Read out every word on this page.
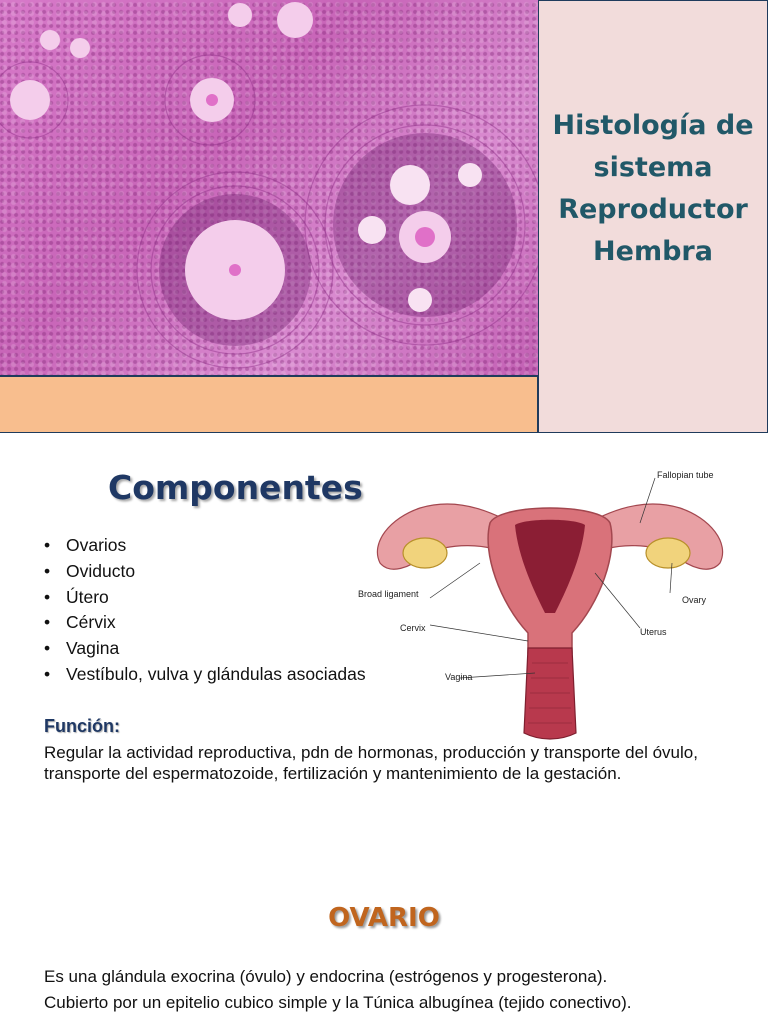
Histología de
sistema
Reproductor
Hembra
Componentes
• Ovarios
• Oviducto
• Útero
• Cérvix
• Vagina
• Vestíbulo, vulva y glándulas asociadas
Fallopian tube
Broad ligament
Ovary
Cervix	Uterus
Vagina
Función:
Regular la actividad reproductiva, pdn de hormonas, producción y transporte del óvulo, transporte del espermatozoide, fertilización y mantenimiento de la gestación.
OVARIO
Es una glándula exocrina (óvulo) y endocrina (estrógenos y progesterona).
Cubierto por un epitelio cubico simple y la Túnica albugínea (tejido conectivo).
